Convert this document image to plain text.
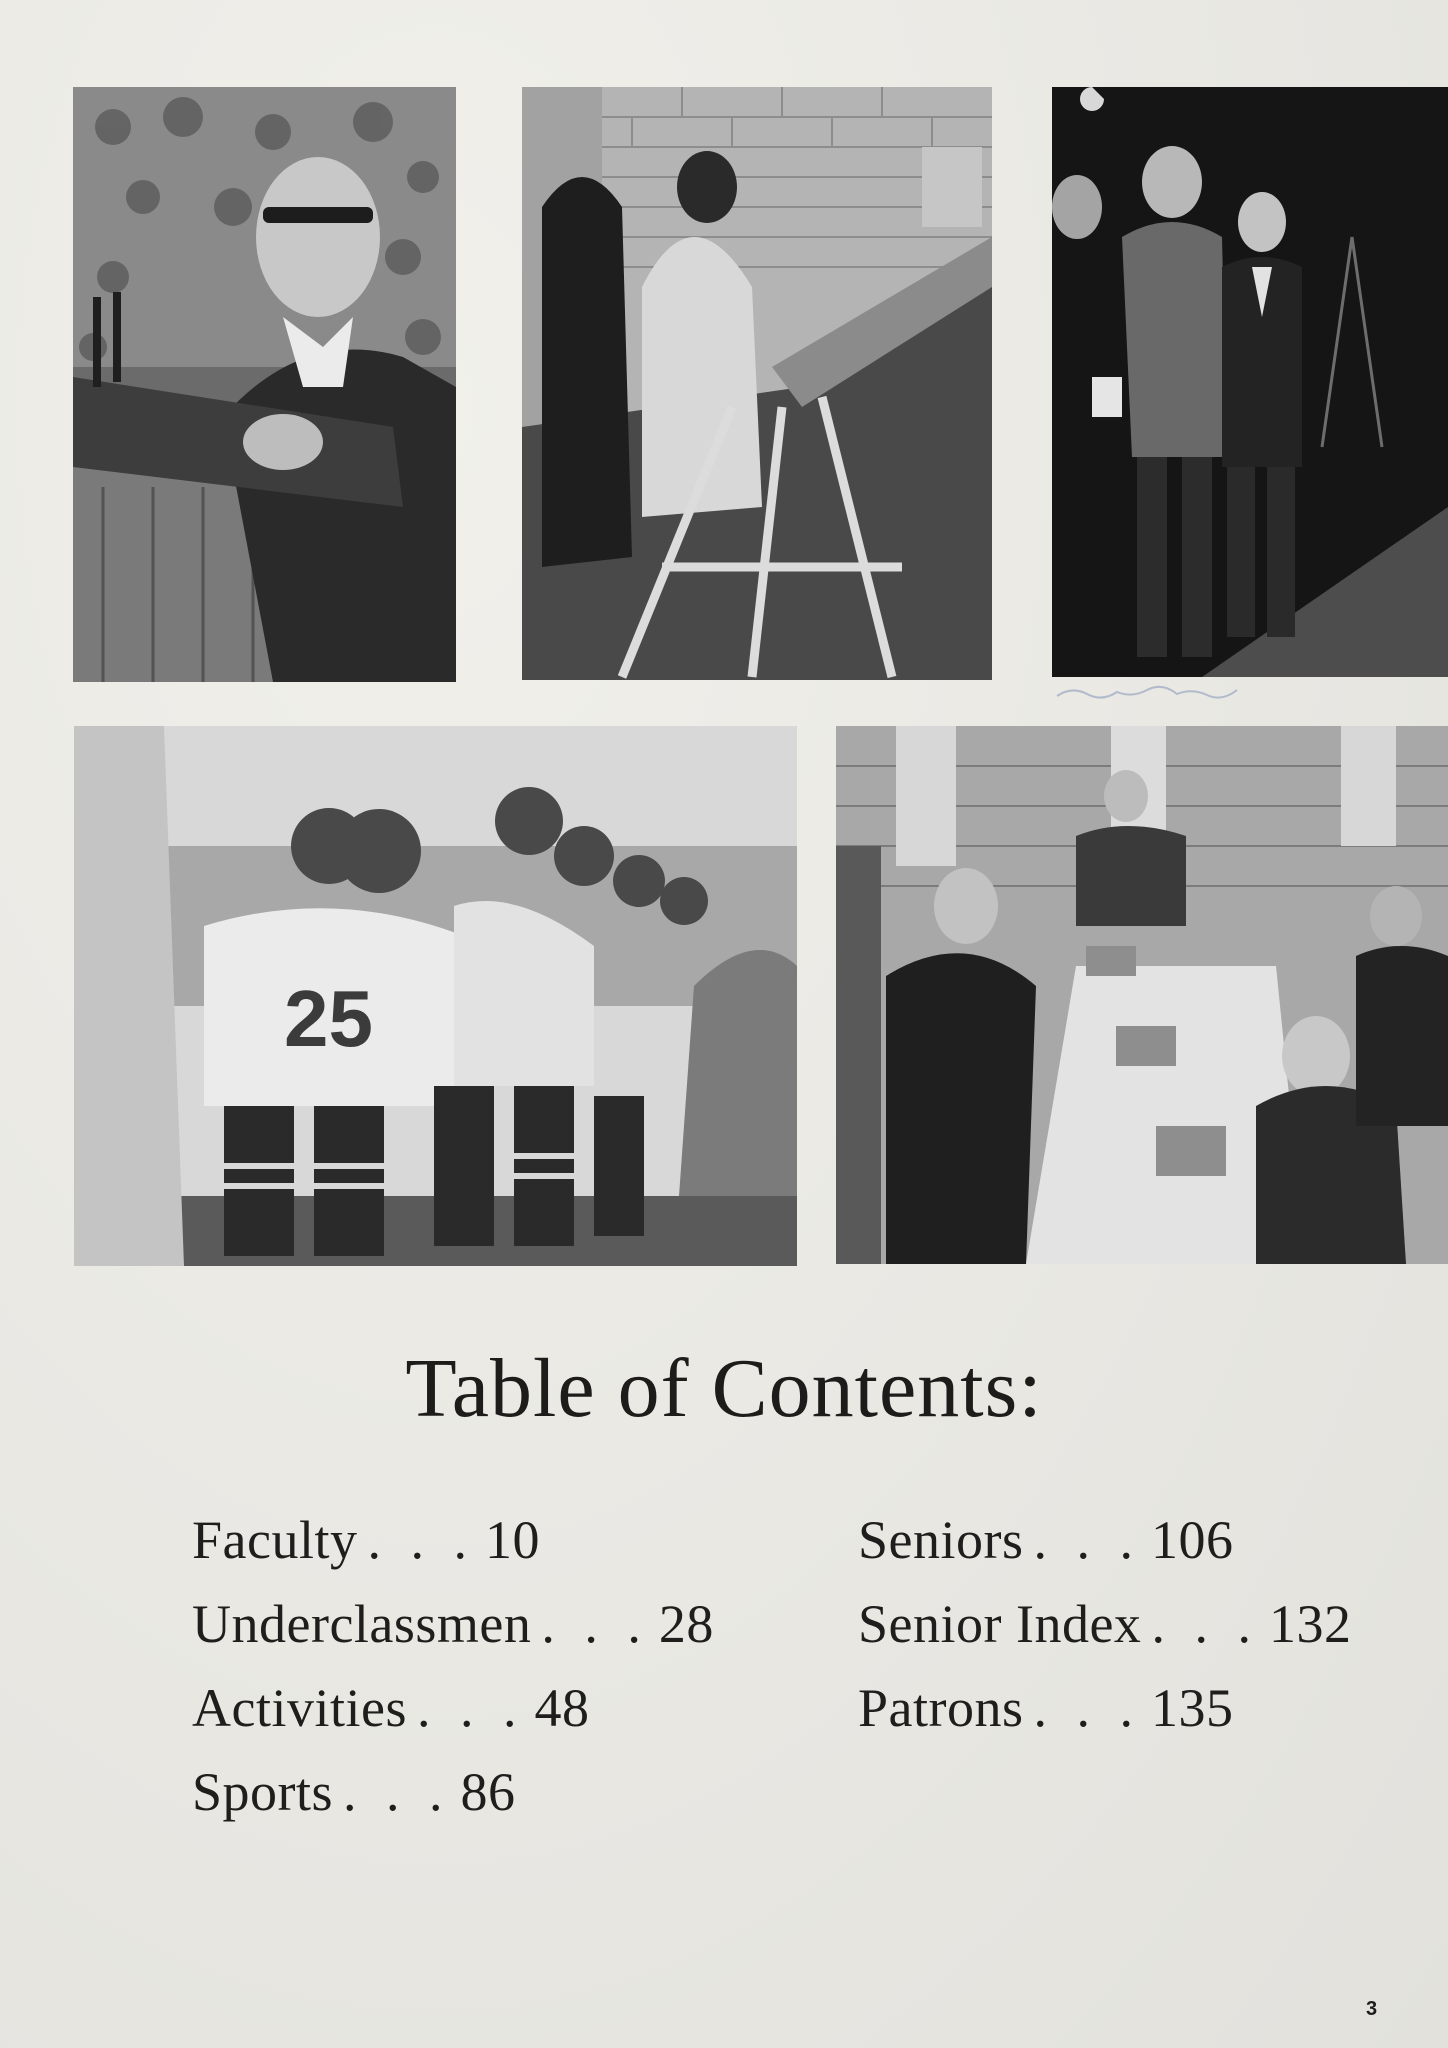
25
Table of Contents:
Faculty . . . 10
Underclassmen . . . 28
Activities . . . 48
Sports . . . 86
Seniors . . . 106
Senior Index . . . 132
Patrons . . . 135
3
